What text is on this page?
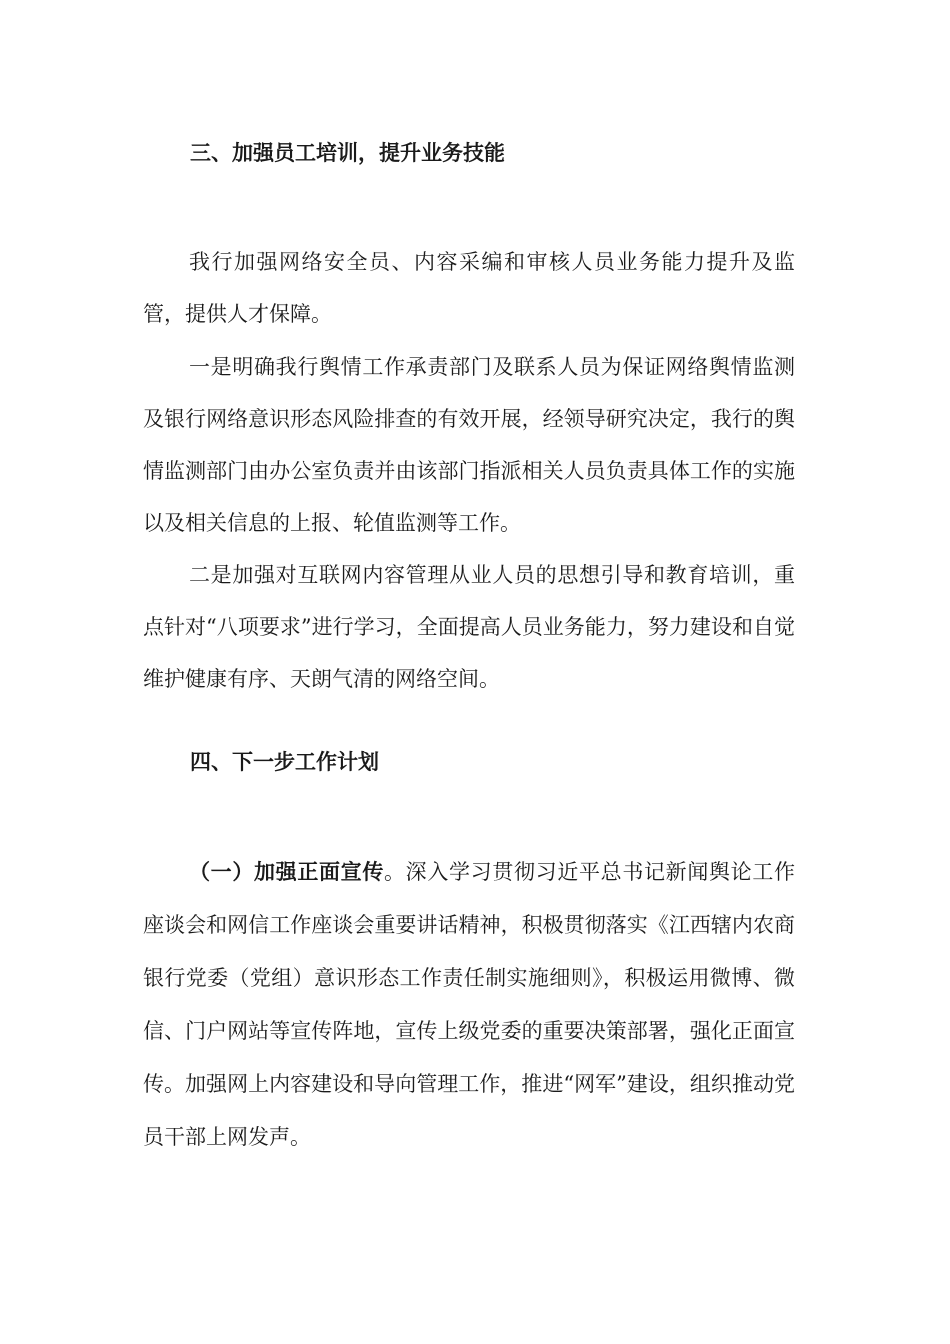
三、加强员工培训，提升业务技能

我行加强网络安全员、内容采编和审核人员业务能力提升及监管，提供人才保障。

一是明确我行舆情工作承责部门及联系人员为保证网络舆情监测及银行网络意识形态风险排查的有效开展，经领导研究决定，我行的舆情监测部门由办公室负责并由该部门指派相关人员负责具体工作的实施以及相关信息的上报、轮值监测等工作。

二是加强对互联网内容管理从业人员的思想引导和教育培训，重点针对“八项要求”进行学习，全面提高人员业务能力，努力建设和自觉维护健康有序、天朗气清的网络空间。

四、下一步工作计划

（一）加强正面宣传。深入学习贯彻习近平总书记新闻舆论工作座谈会和网信工作座谈会重要讲话精神，积极贯彻落实《江西辖内农商银行党委（党组）意识形态工作责任制实施细则》，积极运用微博、微信、门户网站等宣传阵地，宣传上级党委的重要决策部署，强化正面宣传。加强网上内容建设和导向管理工作，推进“网军”建设，组织推动党员干部上网发声。
